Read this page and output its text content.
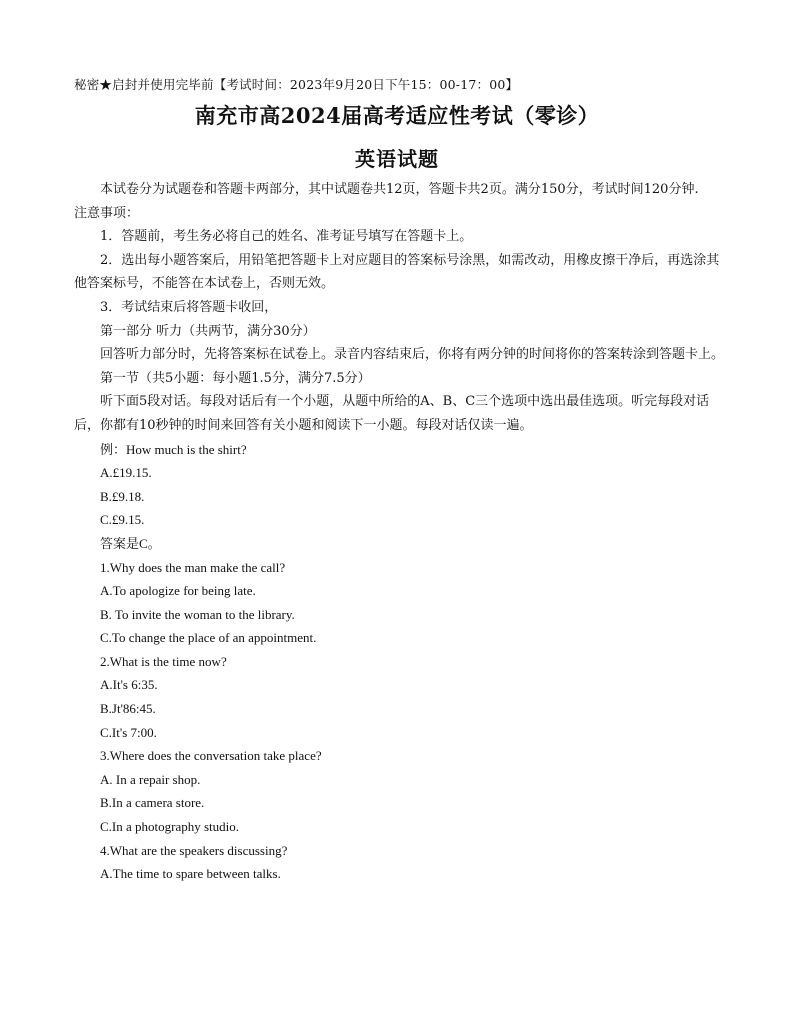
秘密★启封并使用完毕前【考试时间：2023年9月20日下午15：00-17：00】
南充市高2024届高考适应性考试（零诊）
英语试题

本试卷分为试题卷和答题卡两部分，其中试题卷共12页，答题卡共2页。满分150分，考试时间120分钟.

注意事项：

1．答题前，考生务必将自己的姓名、准考证号填写在答题卡上。

2．选出每小题答案后，用铅笔把答题卡上对应题目的答案标号涂黑，如需改动，用橡皮擦干净后，再选涂其他答案标号，不能答在本试卷上，否则无效。

3．考试结束后将答题卡收回，

第一部分 听力（共两节，满分30分）

回答听力部分时，先将答案标在试卷上。录音内容结束后，你将有两分钟的时间将你的答案转涂到答题卡上。

第一节（共5小题：每小题1.5分，满分7.5分）

听下面5段对话。每段对话后有一个小题，从题中所给的A、B、C三个选项中选出最佳选项。听完每段对话后，你都有10秒钟的时间来回答有关小题和阅读下一小题。每段对话仅读一遍。

例：How much is the shirt?

A.£19.15.

B.£9.18.

C.£9.15.

答案是C。

1.Why does the man make the call?

A.To apologize for being late.

B. To invite the woman to the library.

C.To change the place of an appointment.

2.What is the time now?

A.It's 6:35.

B.Jt'86:45.

C.It's 7:00.

3.Where does the conversation take place?

A. In a repair shop.

B.In a camera store.

C.In a photography studio.

4.What are the speakers discussing?

A.The time to spare between talks.
